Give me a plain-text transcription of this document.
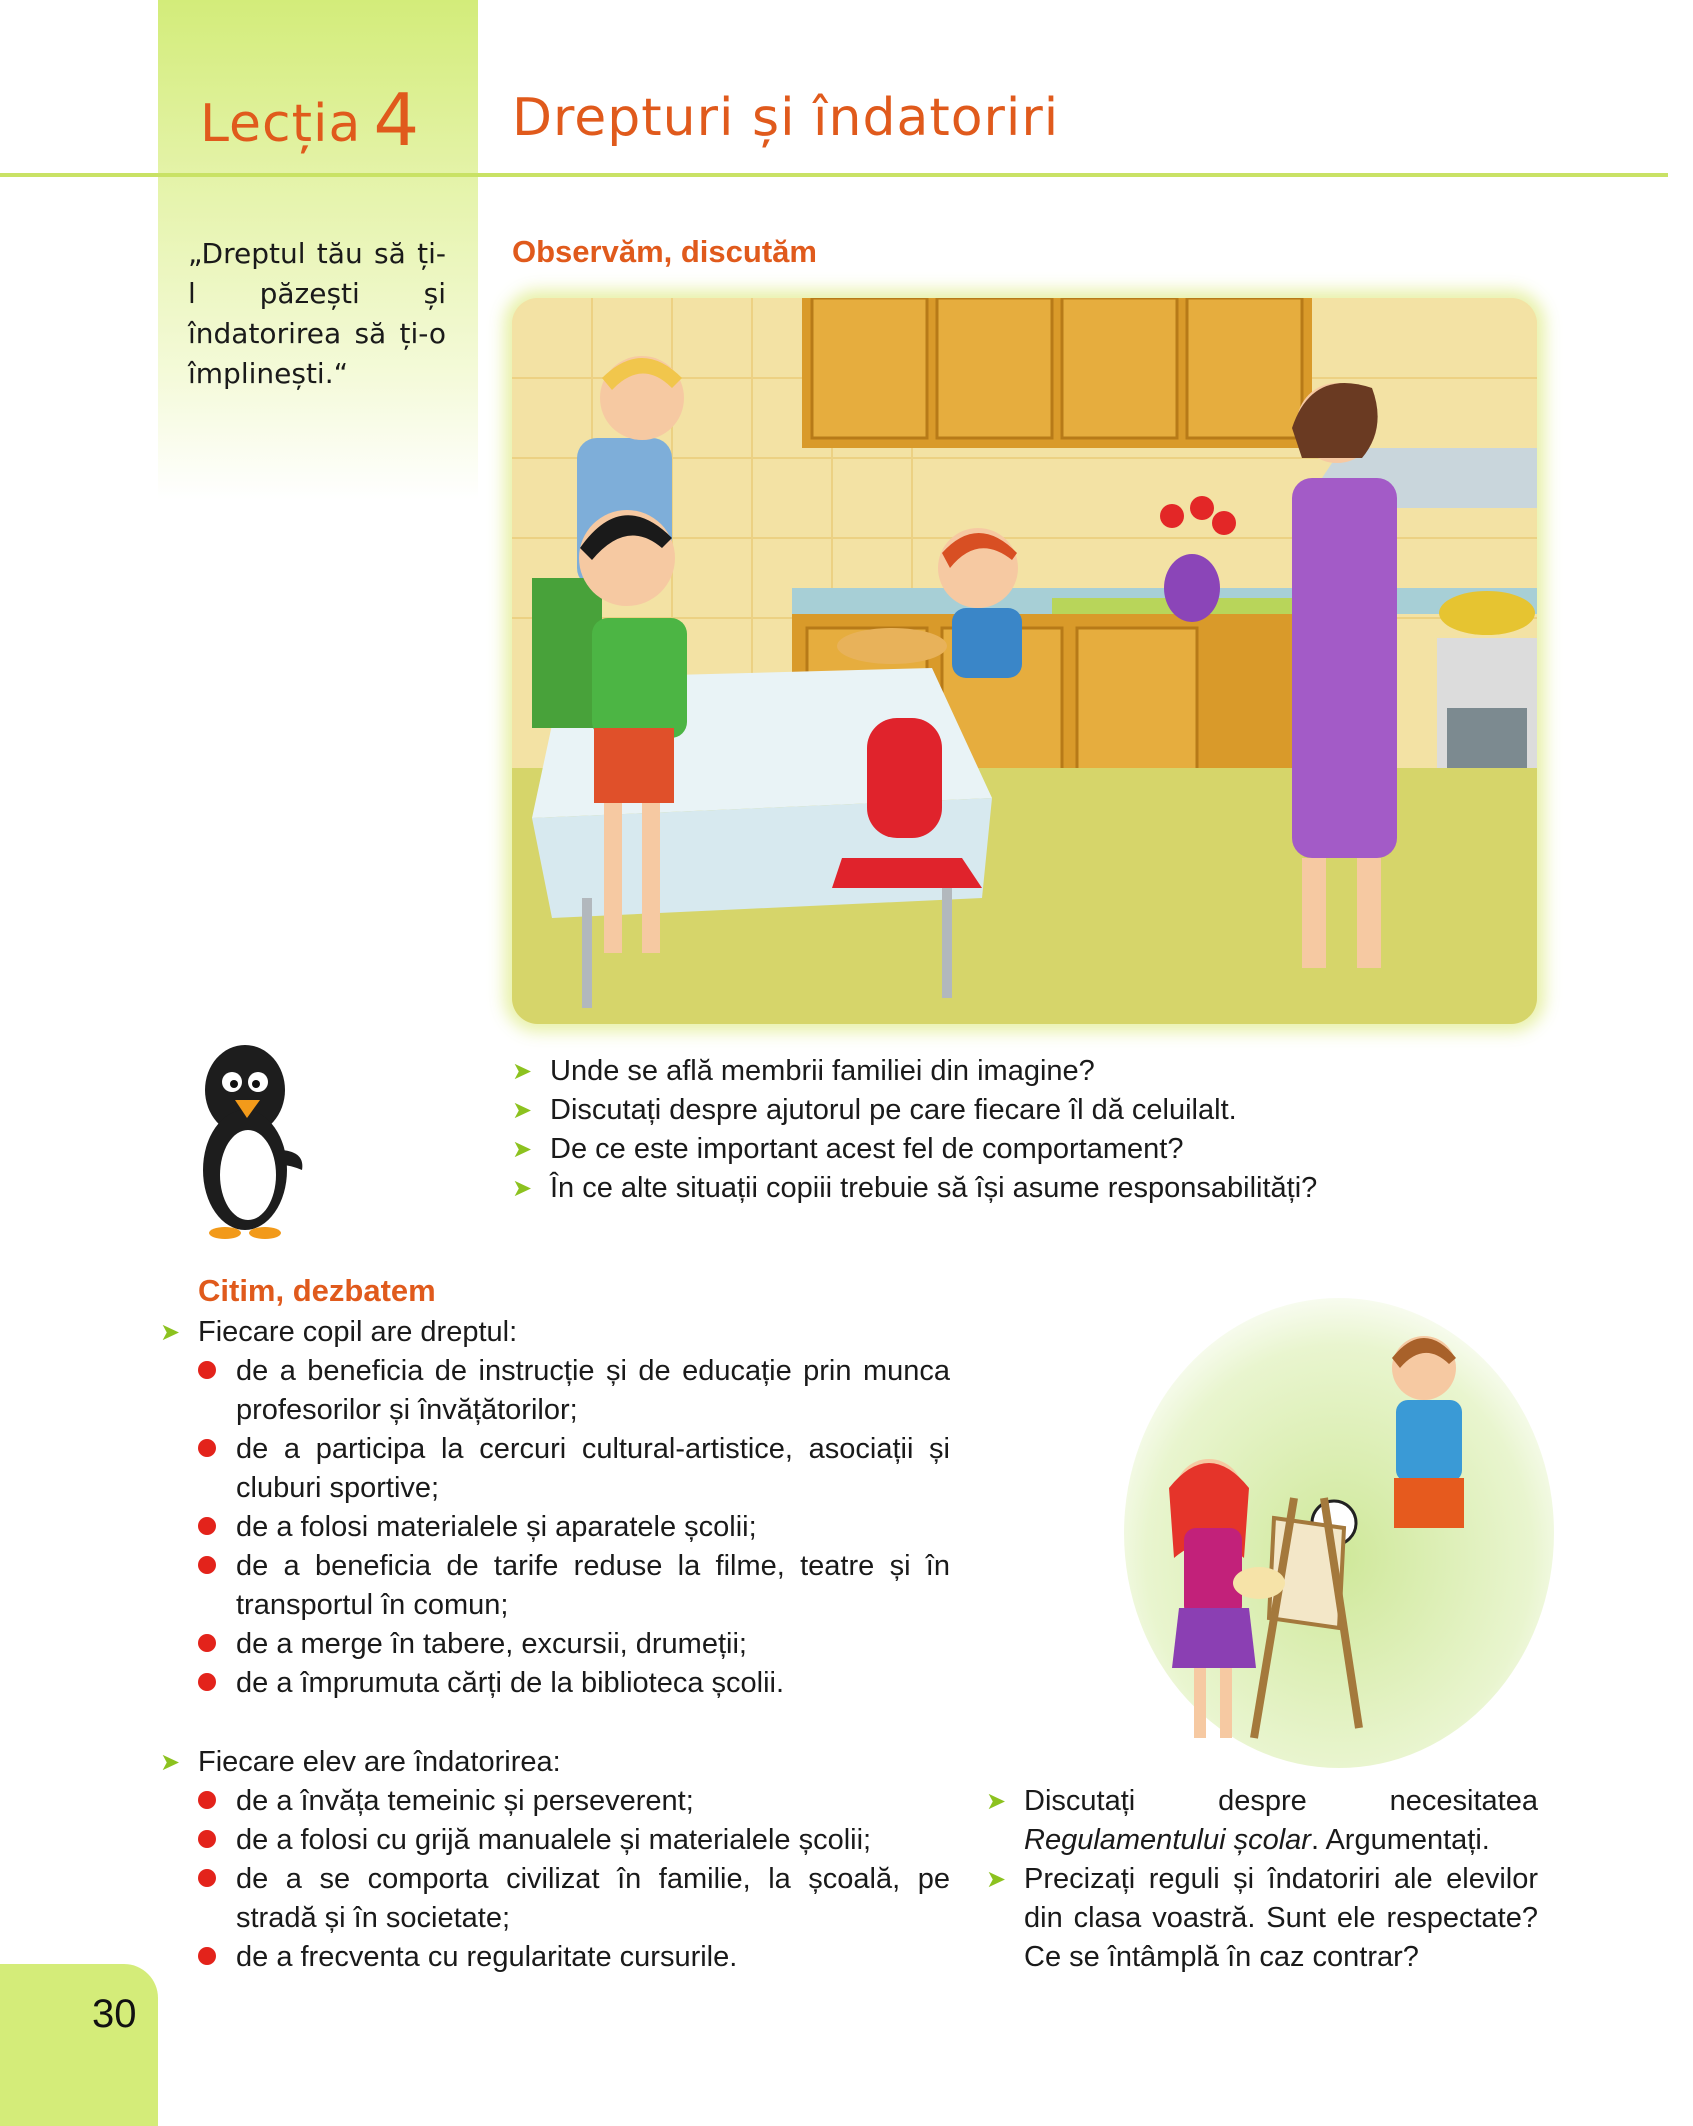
Lecția 4 Drepturi și îndatoriri
„Dreptul tău să ți-l păzești și îndatorirea să ți-o împlinești.“
Observăm, discutăm
➤ Unde se află membrii familiei din imagine?
➤ Discutați despre ajutorul pe care fiecare îl dă celuilalt.
➤ De ce este important acest fel de comportament?
➤ În ce alte situații copiii trebuie să își asume responsabilități?
Citim, dezbatem
➤ Fiecare copil are dreptul:
de a beneficia de instrucție și de educație prin munca profesorilor și învățătorilor;
de a participa la cercuri cultural-artistice, asociații și cluburi sportive;
de a folosi materialele și aparatele școlii;
de a beneficia de tarife reduse la filme, teatre și în transportul în comun;
de a merge în tabere, excursii, drumeții;
de a împrumuta cărți de la biblioteca școlii.
➤ Fiecare elev are îndatorirea:
de a învăța temeinic și perseverent;
de a folosi cu grijă manualele și materialele școlii;
de a se comporta civilizat în familie, la școală, pe stradă și în societate;
de a frecventa cu regularitate cursurile.
➤ Discutați despre necesitatea Regulamentului școlar. Argumentați.
➤ Precizați reguli și îndatoriri ale elevilor din clasa voastră. Sunt ele respectate? Ce se întâmplă în caz contrar?
30
